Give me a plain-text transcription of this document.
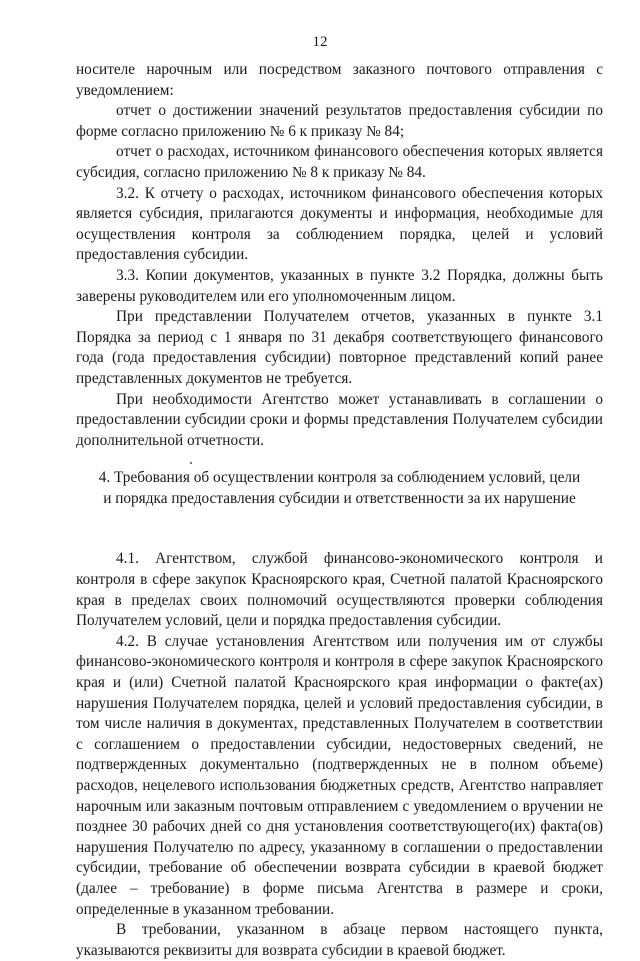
12

носителе нарочным или посредством заказного почтового отправления с уведомлением:

отчет о достижении значений результатов предоставления субсидии по форме согласно приложению № 6 к приказу № 84;

отчет о расходах, источником финансового обеспечения которых является субсидия, согласно приложению № 8 к приказу № 84.

3.2. К отчету о расходах, источником финансового обеспечения которых является субсидия, прилагаются документы и информация, необходимые для осуществления контроля за соблюдением порядка, целей и условий предоставления субсидии.

3.3. Копии документов, указанных в пункте 3.2 Порядка, должны быть заверены руководителем или его уполномоченным лицом.

При представлении Получателем отчетов, указанных в пункте 3.1 Порядка за период с 1 января по 31 декабря соответствующего финансового года (года предоставления субсидии) повторное представлений копий ранее представленных документов не требуется.

При необходимости Агентство может устанавливать в соглашении о предоставлении субсидии сроки и формы представления Получателем субсидии дополнительной отчетности.

4. Требования об осуществлении контроля за соблюдением условий, цели
и порядка предоставления субсидии и ответственности за их нарушение

4.1. Агентством, службой финансово-экономического контроля и контроля в сфере закупок Красноярского края, Счетной палатой Красноярского края в пределах своих полномочий осуществляются проверки соблюдения Получателем условий, цели и порядка предоставления субсидии.

4.2. В случае установления Агентством или получения им от службы финансово-экономического контроля и контроля в сфере закупок Красноярского края и (или) Счетной палатой Красноярского края информации о факте(ах) нарушения Получателем порядка, целей и условий предоставления субсидии, в том числе наличия в документах, представленных Получателем в соответствии с соглашением о предоставлении субсидии, недостоверных сведений, не подтвержденных документально (подтвержденных не в полном объеме) расходов, нецелевого использования бюджетных средств, Агентство направляет нарочным или заказным почтовым отправлением с уведомлением о вручении не позднее 30 рабочих дней со дня установления соответствующего(их) факта(ов) нарушения Получателю по адресу, указанному в соглашении о предоставлении субсидии, требование об обеспечении возврата субсидии в краевой бюджет (далее – требование) в форме письма Агентства в размере и сроки, определенные в указанном требовании.

В требовании, указанном в абзаце первом настоящего пункта, указываются реквизиты для возврата субсидии в краевой бюджет.
